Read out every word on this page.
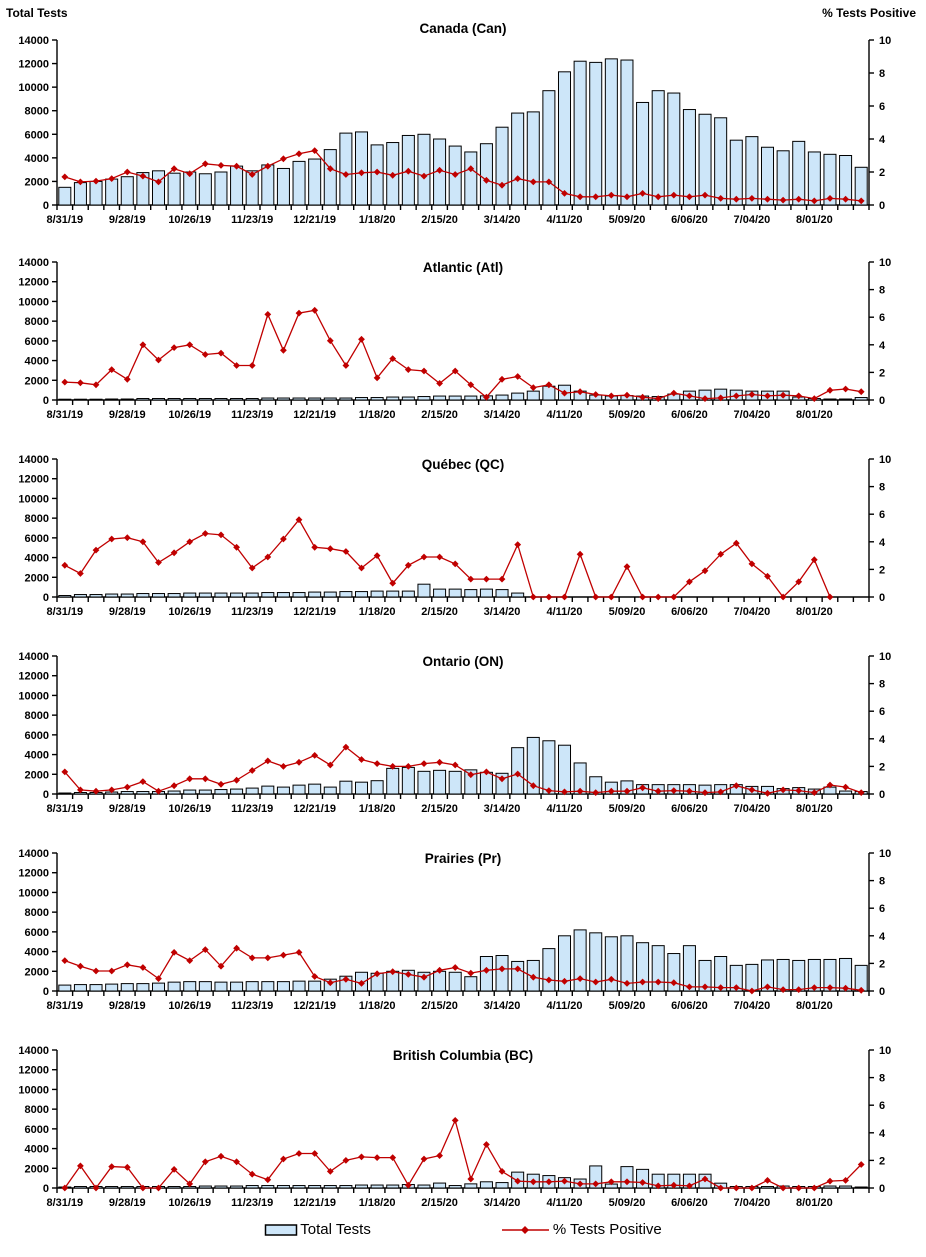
Total Tests	% Tests Positive
0
2000
4000
6000
8000
10000
12000
14000
0
2
4
6
8
10
8/31/19 9/28/19 10/26/19 11/23/19 12/21/19 1/18/20 2/15/20 3/14/20 4/11/20 5/09/20 6/06/20 7/04/20 8/01/20
Canada (Can)
0
2000
4000
6000
8000
10000
12000
14000
0
2
4
6
8
10
8/31/19 9/28/19 10/26/19 11/23/19 12/21/19 1/18/20 2/15/20 3/14/20 4/11/20 5/09/20 6/06/20 7/04/20 8/01/20
Atlantic (Atl)
0
2000
4000
6000
8000
10000
12000
14000
0
2
4
6
8
10
8/31/19 9/28/19 10/26/19 11/23/19 12/21/19 1/18/20 2/15/20 3/14/20 4/11/20 5/09/20 6/06/20 7/04/20 8/01/20
Québec (QC)
0
2000
4000
6000
8000
10000
12000
14000
0
2
4
6
8
10
8/31/19 9/28/19 10/26/19 11/23/19 12/21/19 1/18/20 2/15/20 3/14/20 4/11/20 5/09/20 6/06/20 7/04/20 8/01/20
Ontario (ON)
0
2000
4000
6000
8000
10000
12000
14000
0
2
4
6
8
10
8/31/19 9/28/19 10/26/19 11/23/19 12/21/19 1/18/20 2/15/20 3/14/20 4/11/20 5/09/20 6/06/20 7/04/20 8/01/20
Prairies (Pr)
0
2000
4000
6000
8000
10000
12000
14000
0
2
4
6
8
10
8/31/19 9/28/19 10/26/19 11/23/19 12/21/19 1/18/20 2/15/20 3/14/20 4/11/20 5/09/20 6/06/20 7/04/20 8/01/20
British Columbia (BC)
Total Tests	% Tests Positive
